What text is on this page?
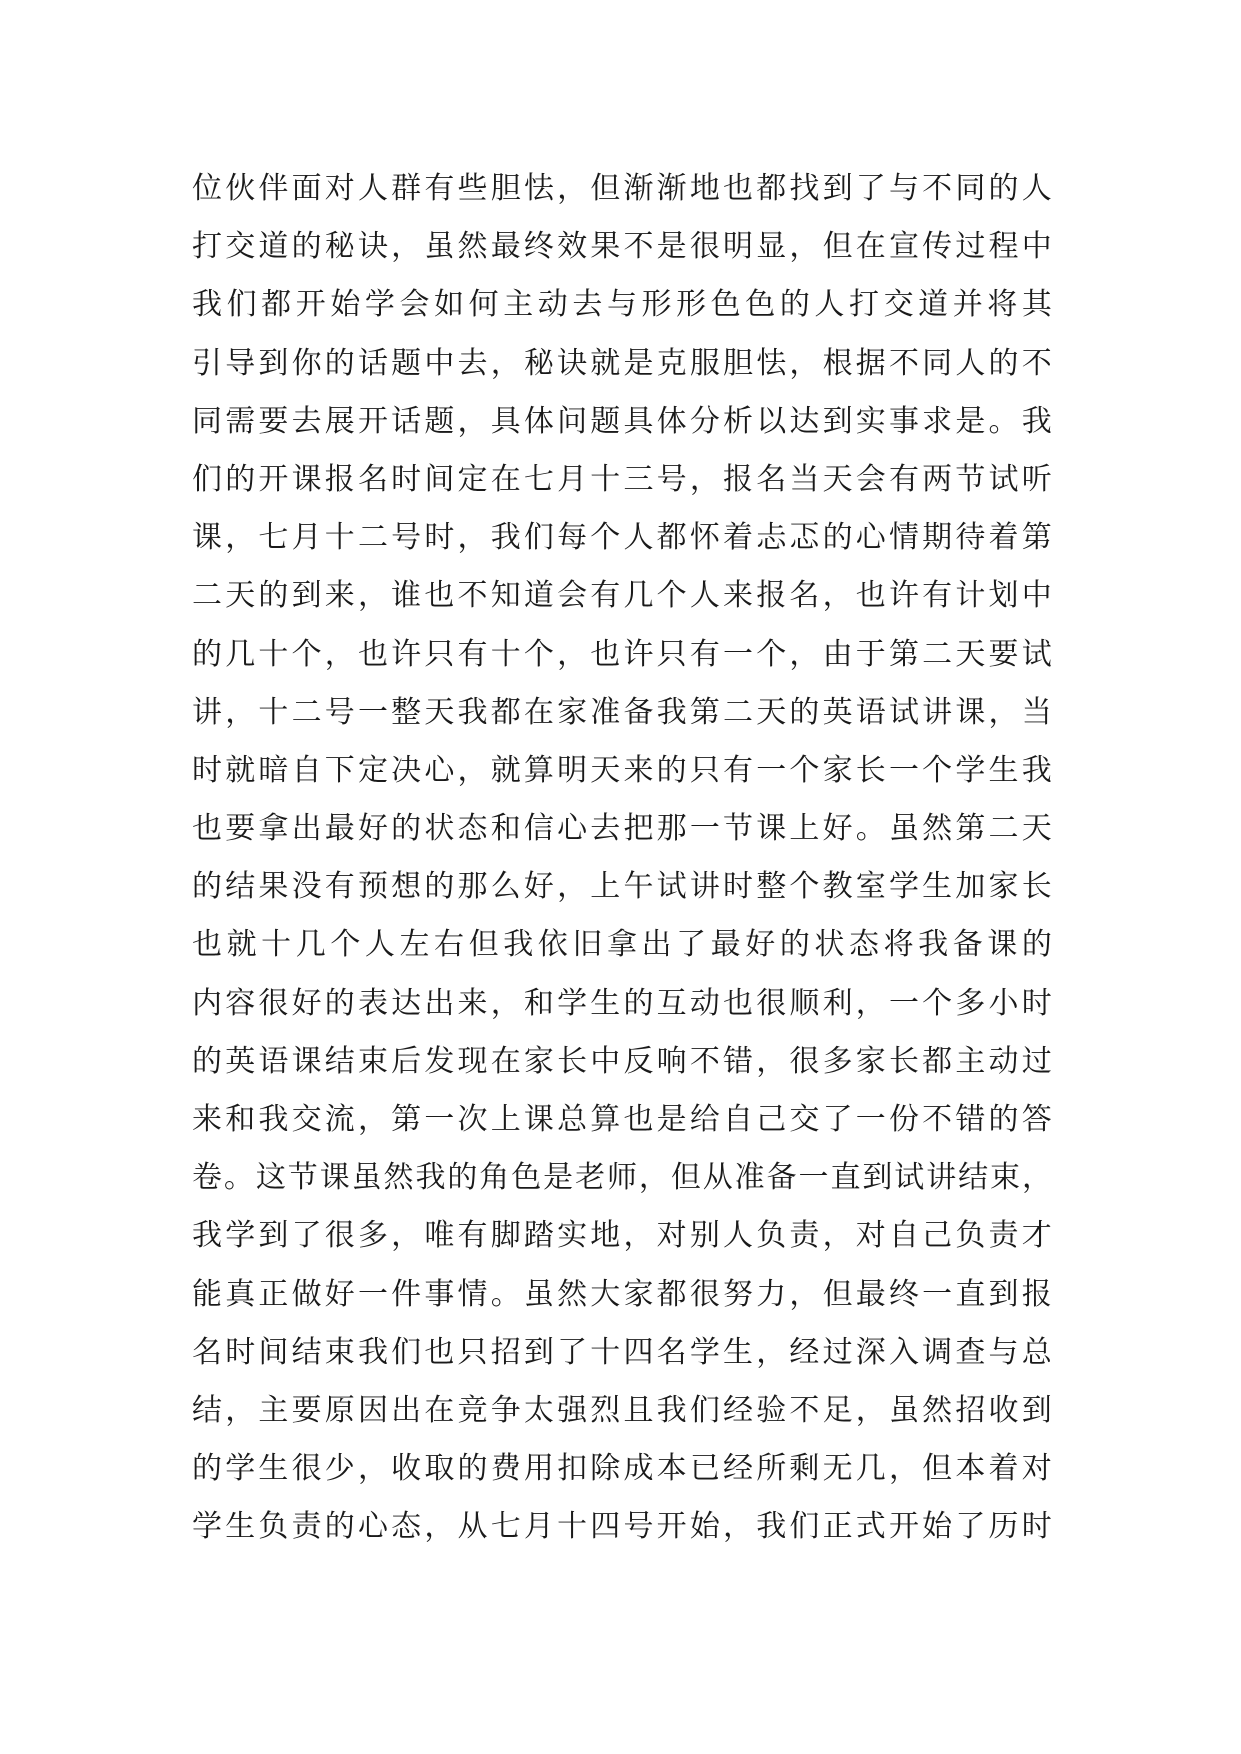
位 伙 伴 面 对 人 群 有 些 胆 怯 ， 但 渐 渐 地 也 都 找 到 了 与 不 同 的 人
打 交 道 的 秘 诀 ， 虽 然 最 终 效 果 不 是 很 明 显 ， 但 在 宣 传 过 程 中
我 们 都 开 始 学 会 如 何 主 动 去 与 形 形 色 色 的 人 打 交 道 并 将 其
引 导 到 你 的 话 题 中 去 ， 秘 诀 就 是 克 服 胆 怯 ， 根 据 不 同 人 的 不
同 需 要 去 展 开 话 题 ， 具 体 问 题 具 体 分 析 以 达 到 实 事 求 是 。 我
们 的 开 课 报 名 时 间 定 在 七 月 十 三 号 ， 报 名 当 天 会 有 两 节 试 听
课 ， 七 月 十 二 号 时 ， 我 们 每 个 人 都 怀 着 忐 忑 的 心 情 期 待 着 第
二 天 的 到 来 ， 谁 也 不 知 道 会 有 几 个 人 来 报 名 ， 也 许 有 计 划 中
的 几 十 个 ， 也 许 只 有 十 个 ， 也 许 只 有 一 个 ， 由 于 第 二 天 要 试
讲 ， 十 二 号 一 整 天 我 都 在 家 准 备 我 第 二 天 的 英 语 试 讲 课 ， 当
时 就 暗 自 下 定 决 心 ， 就 算 明 天 来 的 只 有 一 个 家 长 一 个 学 生 我
也 要 拿 出 最 好 的 状 态 和 信 心 去 把 那 一 节 课 上 好 。 虽 然 第 二 天
的 结 果 没 有 预 想 的 那 么 好 ， 上 午 试 讲 时 整 个 教 室 学 生 加 家 长
也 就 十 几 个 人 左 右 但 我 依 旧 拿 出 了 最 好 的 状 态 将 我 备 课 的
内 容 很 好 的 表 达 出 来 ， 和 学 生 的 互 动 也 很 顺 利 ， 一 个 多 小 时
的 英 语 课 结 束 后 发 现 在 家 长 中 反 响 不 错 ， 很 多 家 长 都 主 动 过
来 和 我 交 流 ， 第 一 次 上 课 总 算 也 是 给 自 己 交 了 一 份 不 错 的 答
卷 。 这 节 课 虽 然 我 的 角 色 是 老 师 ， 但 从 准 备 一 直 到 试 讲 结 束 ，
我 学 到 了 很 多 ， 唯 有 脚 踏 实 地 ， 对 别 人 负 责 ， 对 自 己 负 责 才
能 真 正 做 好 一 件 事 情 。 虽 然 大 家 都 很 努 力 ， 但 最 终 一 直 到 报
名 时 间 结 束 我 们 也 只 招 到 了 十 四 名 学 生 ， 经 过 深 入 调 查 与 总
结 ， 主 要 原 因 出 在 竞 争 太 强 烈 且 我 们 经 验 不 足 ， 虽 然 招 收 到
的 学 生 很 少 ， 收 取 的 费 用 扣 除 成 本 已 经 所 剩 无 几 ， 但 本 着 对
学 生 负 责 的 心 态 ， 从 七 月 十 四 号 开 始 ， 我 们 正 式 开 始 了 历 时
